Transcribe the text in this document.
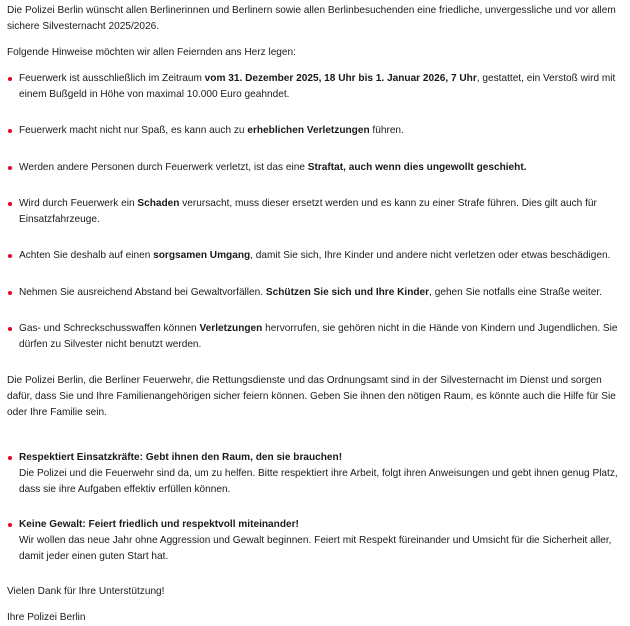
Die Polizei Berlin wünscht allen Berlinerinnen und Berlinern sowie allen Berlinbesuchenden eine friedliche, unvergessliche und vor allem sichere Silvesternacht 2025/2026.

Folgende Hinweise möchten wir allen Feiernden ans Herz legen:

Feuerwerk ist ausschließlich im Zeitraum vom 31. Dezember 2025, 18 Uhr bis 1. Januar 2026, 7 Uhr, gestattet, ein Verstoß wird mit einem Bußgeld in Höhe von maximal 10.000 Euro geahndet.
Feuerwerk macht nicht nur Spaß, es kann auch zu erheblichen Verletzungen führen.
Werden andere Personen durch Feuerwerk verletzt, ist das eine Straftat, auch wenn dies ungewollt geschieht.
Wird durch Feuerwerk ein Schaden verursacht, muss dieser ersetzt werden und es kann zu einer Strafe führen. Dies gilt auch für Einsatzfahrzeuge.
Achten Sie deshalb auf einen sorgsamen Umgang, damit Sie sich, Ihre Kinder und andere nicht verletzen oder etwas beschädigen.
Nehmen Sie ausreichend Abstand bei Gewaltvorfällen. Schützen Sie sich und Ihre Kinder, gehen Sie notfalls eine Straße weiter.
Gas- und Schreckschusswaffen können Verletzungen hervorrufen, sie gehören nicht in die Hände von Kindern und Jugendlichen. Sie dürfen zu Silvester nicht benutzt werden.

Die Polizei Berlin, die Berliner Feuerwehr, die Rettungsdienste und das Ordnungsamt sind in der Silvesternacht im Dienst und sorgen dafür, dass Sie und Ihre Familienangehörigen sicher feiern können. Geben Sie ihnen den nötigen Raum, es könnte auch die Hilfe für Sie oder Ihre Familie sein.

Respektiert Einsatzkräfte: Gebt ihnen den Raum, den sie brauchen!
Die Polizei und die Feuerwehr sind da, um zu helfen. Bitte respektiert ihre Arbeit, folgt ihren Anweisungen und gebt ihnen genug Platz, dass sie ihre Aufgaben effektiv erfüllen können.
Keine Gewalt: Feiert friedlich und respektvoll miteinander!
Wir wollen das neue Jahr ohne Aggression und Gewalt beginnen. Feiert mit Respekt füreinander und Umsicht für die Sicherheit aller, damit jeder einen guten Start hat.

Vielen Dank für Ihre Unterstützung!

Ihre Polizei Berlin
